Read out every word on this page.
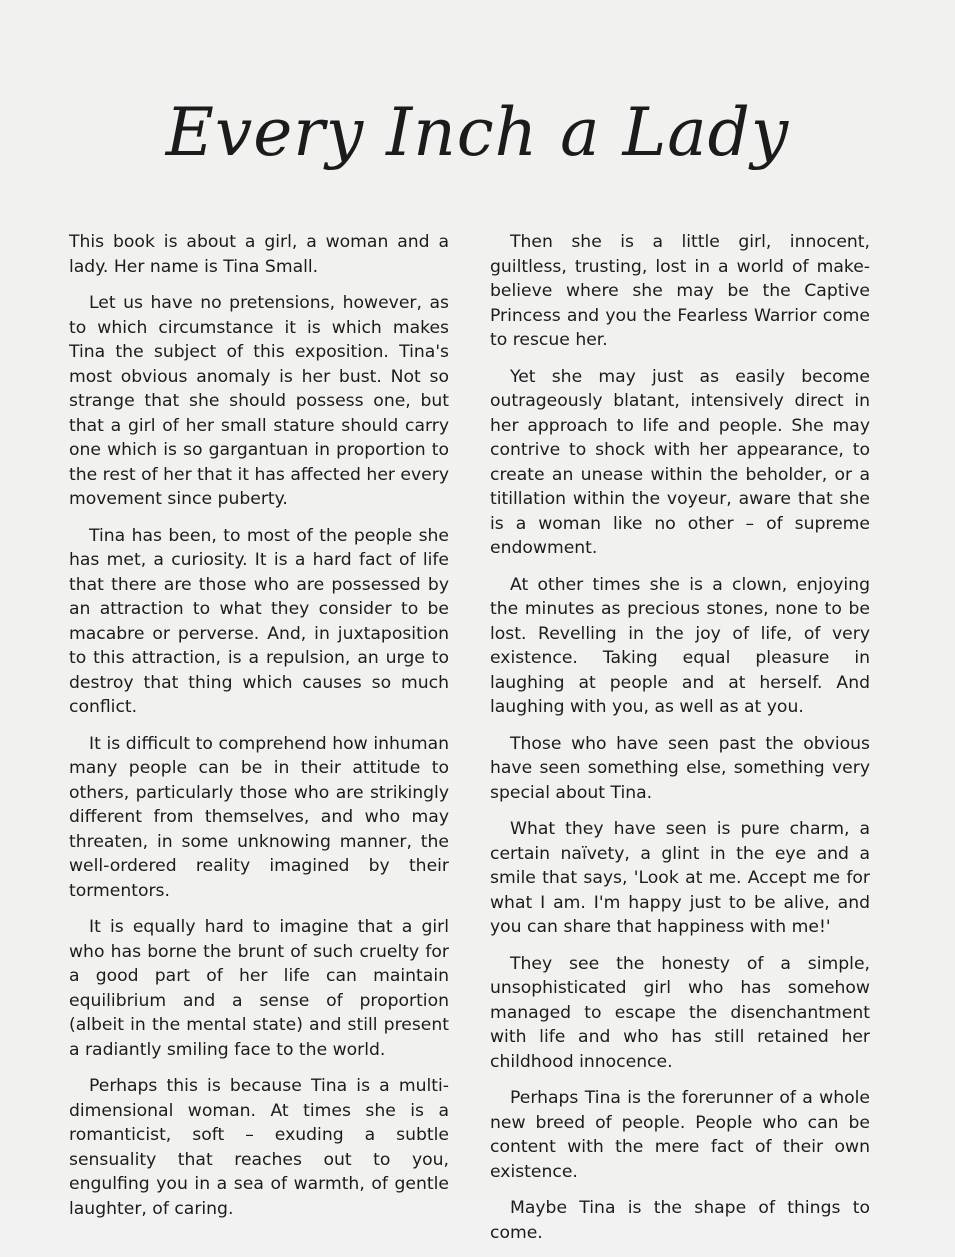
Every Inch a Lady

This book is about a girl, a woman and a lady. Her name is Tina Small.

Let us have no pretensions, however, as to which circumstance it is which makes Tina the subject of this exposition. Tina's most obvious anomaly is her bust. Not so strange that she should possess one, but that a girl of her small stature should carry one which is so gargantuan in proportion to the rest of her that it has affected her every movement since puberty.

Tina has been, to most of the people she has met, a curiosity. It is a hard fact of life that there are those who are possessed by an attraction to what they consider to be macabre or perverse. And, in juxtaposition to this attraction, is a repulsion, an urge to destroy that thing which causes so much conflict.

It is difficult to comprehend how inhuman many people can be in their attitude to others, particularly those who are strikingly different from themselves, and who may threaten, in some unknowing manner, the well-ordered reality imagined by their tormentors.

It is equally hard to imagine that a girl who has borne the brunt of such cruelty for a good part of her life can maintain equilibrium and a sense of proportion (albeit in the mental state) and still present a radiantly smiling face to the world.

Perhaps this is because Tina is a multi-dimensional woman. At times she is a romanticist, soft – exuding a subtle sensuality that reaches out to you, engulfing you in a sea of warmth, of gentle laughter, of caring.

Then she is a little girl, innocent, guiltless, trusting, lost in a world of make-believe where she may be the Captive Princess and you the Fearless Warrior come to rescue her.

Yet she may just as easily become outrageously blatant, intensively direct in her approach to life and people. She may contrive to shock with her appearance, to create an unease within the beholder, or a titillation within the voyeur, aware that she is a woman like no other – of supreme endowment.

At other times she is a clown, enjoying the minutes as precious stones, none to be lost. Revelling in the joy of life, of very existence. Taking equal pleasure in laughing at people and at herself. And laughing with you, as well as at you.

Those who have seen past the obvious have seen something else, something very special about Tina.

What they have seen is pure charm, a certain naïvety, a glint in the eye and a smile that says, 'Look at me. Accept me for what I am. I'm happy just to be alive, and you can share that happiness with me!'

They see the honesty of a simple, unsophisticated girl who has somehow managed to escape the disenchantment with life and who has still retained her childhood innocence.

Perhaps Tina is the forerunner of a whole new breed of people. People who can be content with the mere fact of their own existence.

Maybe Tina is the shape of things to come.
